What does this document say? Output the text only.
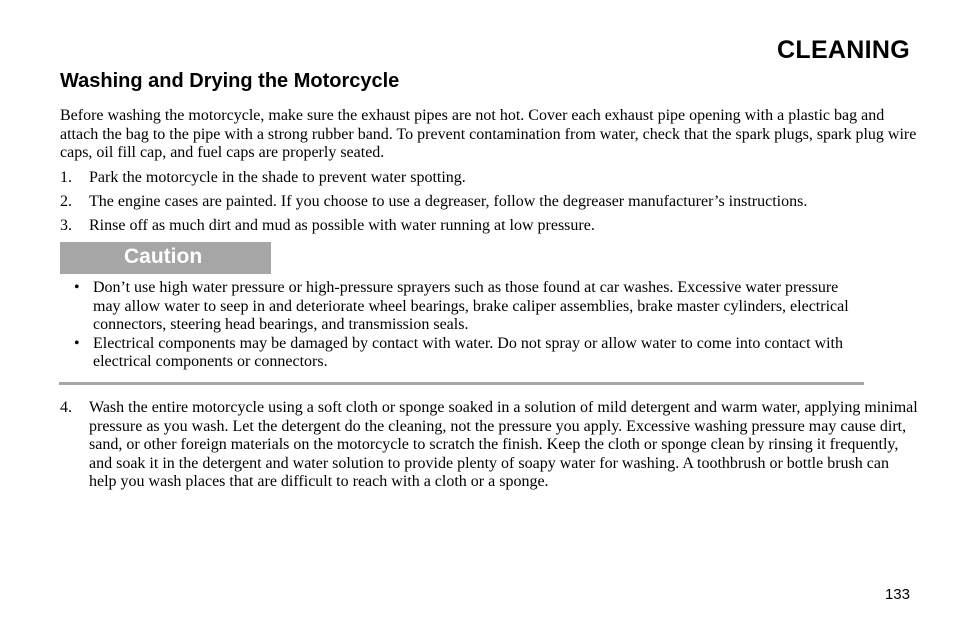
CLEANING
Washing and Drying the Motorcycle
Before washing the motorcycle, make sure the exhaust pipes are not hot. Cover each exhaust pipe opening with a plastic bag and attach the bag to the pipe with a strong rubber band. To prevent contamination from water, check that the spark plugs, spark plug wire caps, oil fill cap, and fuel caps are properly seated.
1. Park the motorcycle in the shade to prevent water spotting.
2. The engine cases are painted. If you choose to use a degreaser, follow the degreaser manufacturer’s instructions.
3. Rinse off as much dirt and mud as possible with water running at low pressure.
Caution
• Don’t use high water pressure or high-pressure sprayers such as those found at car washes. Excessive water pressure may allow water to seep in and deteriorate wheel bearings, brake caliper assemblies, brake master cylinders, electrical connectors, steering head bearings, and transmission seals.
• Electrical components may be damaged by contact with water. Do not spray or allow water to come into contact with electrical components or connectors.
4. Wash the entire motorcycle using a soft cloth or sponge soaked in a solution of mild detergent and warm water, applying minimal pressure as you wash. Let the detergent do the cleaning, not the pressure you apply. Excessive washing pressure may cause dirt, sand, or other foreign materials on the motorcycle to scratch the finish. Keep the cloth or sponge clean by rinsing it frequently, and soak it in the detergent and water solution to provide plenty of soapy water for washing. A toothbrush or bottle brush can help you wash places that are difficult to reach with a cloth or a sponge.
133
